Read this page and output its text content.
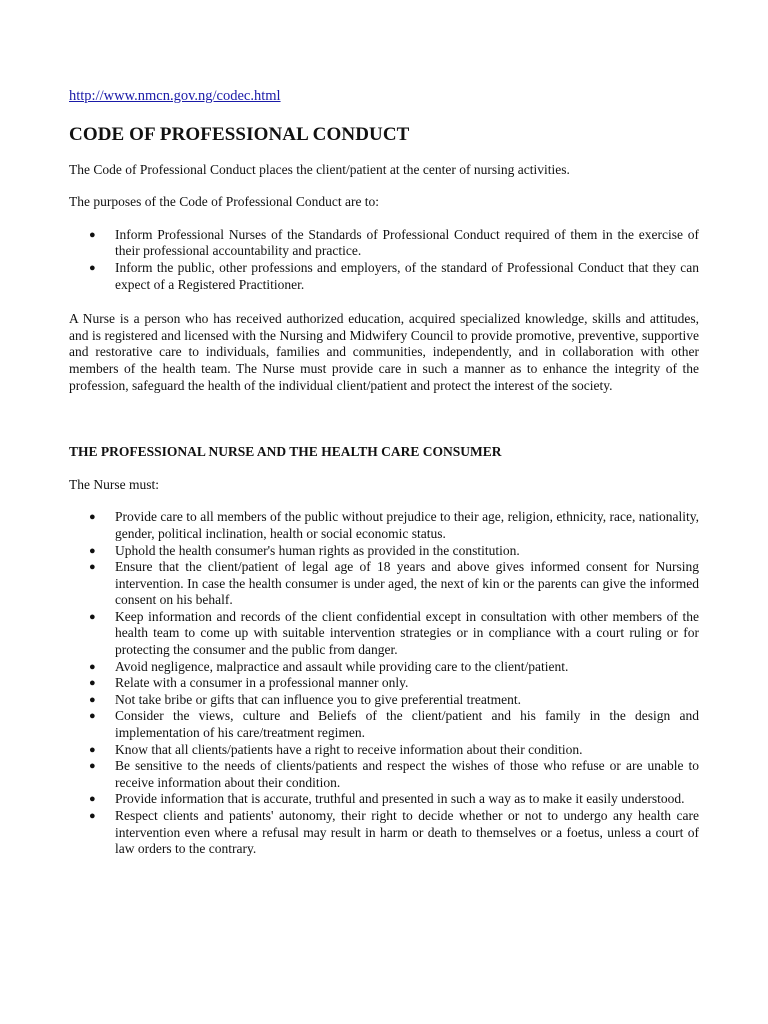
http://www.nmcn.gov.ng/codec.html
CODE OF PROFESSIONAL CONDUCT

The Code of Professional Conduct places the client/patient at the center of nursing activities.

The purposes of the Code of Professional Conduct are to:

● Inform Professional Nurses of the Standards of Professional Conduct required of them in the exercise of their professional accountability and practice.
● Inform the public, other professions and employers, of the standard of Professional Conduct that they can expect of a Registered Practitioner.

A Nurse is a person who has received authorized education, acquired specialized knowledge, skills and attitudes, and is registered and licensed with the Nursing and Midwifery Council to provide promotive, preventive, supportive and restorative care to individuals, families and communities, independently, and in collaboration with other members of the health team. The Nurse must provide care in such a manner as to enhance the integrity of the profession, safeguard the health of the individual client/patient and protect the interest of the society.

THE PROFESSIONAL NURSE AND THE HEALTH CARE CONSUMER

The Nurse must:

● Provide care to all members of the public without prejudice to their age, religion, ethnicity, race, nationality, gender, political inclination, health or social economic status.
● Uphold the health consumer's human rights as provided in the constitution.
● Ensure that the client/patient of legal age of 18 years and above gives informed consent for Nursing intervention. In case the health consumer is under aged, the next of kin or the parents can give the informed consent on his behalf.
● Keep information and records of the client confidential except in consultation with other members of the health team to come up with suitable intervention strategies or in compliance with a court ruling or for protecting the consumer and the public from danger.
● Avoid negligence, malpractice and assault while providing care to the client/patient.
● Relate with a consumer in a professional manner only.
● Not take bribe or gifts that can influence you to give preferential treatment.
● Consider the views, culture and Beliefs of the client/patient and his family in the design and implementation of his care/treatment regimen.
● Know that all clients/patients have a right to receive information about their condition.
● Be sensitive to the needs of clients/patients and respect the wishes of those who refuse or are unable to receive information about their condition.
● Provide information that is accurate, truthful and presented in such a way as to make it easily understood.
● Respect clients and patients' autonomy, their right to decide whether or not to undergo any health care intervention even where a refusal may result in harm or death to themselves or a foetus, unless a court of law orders to the contrary.
